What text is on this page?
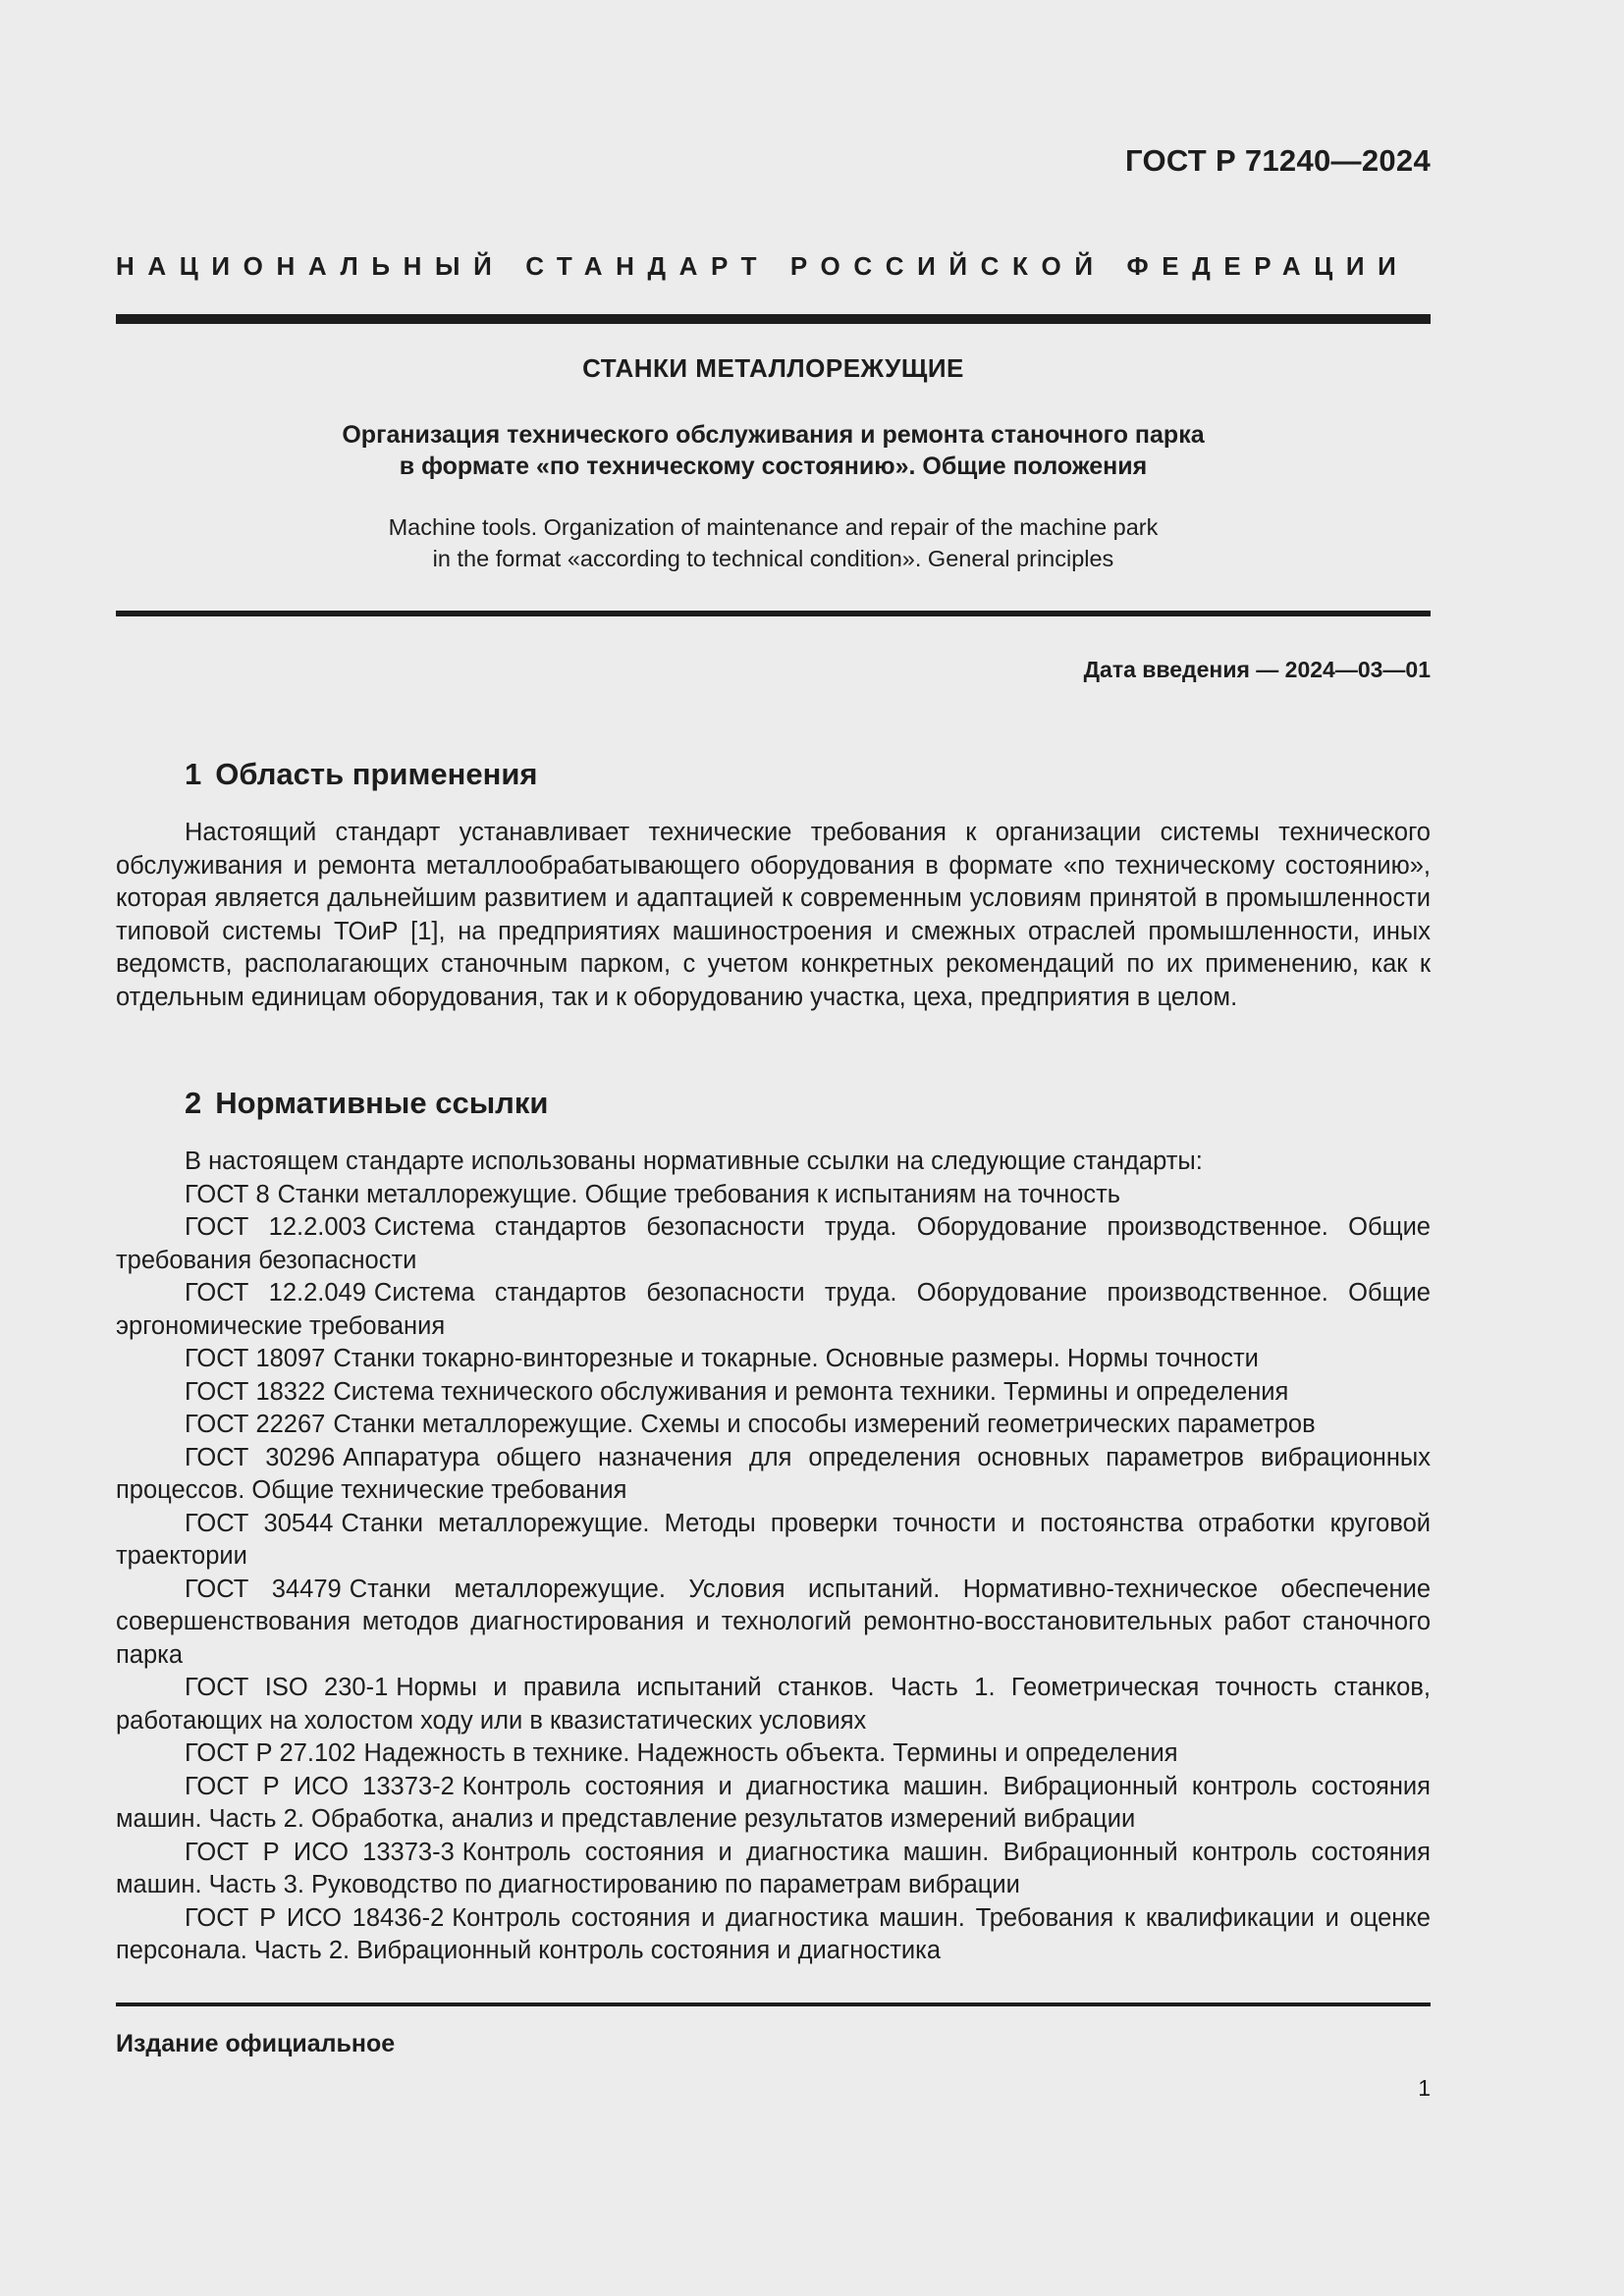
ГОСТ Р 71240—2024
НАЦИОНАЛЬНЫЙ СТАНДАРТ РОССИЙСКОЙ ФЕДЕРАЦИИ
СТАНКИ МЕТАЛЛОРЕЖУЩИЕ
Организация технического обслуживания и ремонта станочного парка
в формате «по техническому состоянию». Общие положения
Machine tools. Organization of maintenance and repair of the machine park
in the format «according to technical condition». General principles
Дата введения — 2024—03—01
1 Область применения

Настоящий стандарт устанавливает технические требования к организации системы технического обслуживания и ремонта металлообрабатывающего оборудования в формате «по техническому состоянию», которая является дальнейшим развитием и адаптацией к современным условиям принятой в промышленности типовой системы ТОиР [1], на предприятиях машиностроения и смежных отраслей промышленности, иных ведомств, располагающих станочным парком, с учетом конкретных рекомендаций по их применению, как к отдельным единицам оборудования, так и к оборудованию участка, цеха, предприятия в целом.

2 Нормативные ссылки

В настоящем стандарте использованы нормативные ссылки на следующие стандарты:

ГОСТ 8 Станки металлорежущие. Общие требования к испытаниям на точность

ГОСТ 12.2.003 Система стандартов безопасности труда. Оборудование производственное. Общие требования безопасности

ГОСТ 12.2.049 Система стандартов безопасности труда. Оборудование производственное. Общие эргономические требования

ГОСТ 18097 Станки токарно-винторезные и токарные. Основные размеры. Нормы точности

ГОСТ 18322 Система технического обслуживания и ремонта техники. Термины и определения

ГОСТ 22267 Станки металлорежущие. Схемы и способы измерений геометрических параметров

ГОСТ 30296 Аппаратура общего назначения для определения основных параметров вибрационных процессов. Общие технические требования

ГОСТ 30544 Станки металлорежущие. Методы проверки точности и постоянства отработки круговой траектории

ГОСТ 34479 Станки металлорежущие. Условия испытаний. Нормативно-техническое обеспечение совершенствования методов диагностирования и технологий ремонтно-восстановительных работ станочного парка

ГОСТ ISO 230-1 Нормы и правила испытаний станков. Часть 1. Геометрическая точность станков, работающих на холостом ходу или в квазистатических условиях

ГОСТ Р 27.102 Надежность в технике. Надежность объекта. Термины и определения

ГОСТ Р ИСО 13373-2 Контроль состояния и диагностика машин. Вибрационный контроль состояния машин. Часть 2. Обработка, анализ и представление результатов измерений вибрации

ГОСТ Р ИСО 13373-3 Контроль состояния и диагностика машин. Вибрационный контроль состояния машин. Часть 3. Руководство по диагностированию по параметрам вибрации

ГОСТ Р ИСО 18436-2 Контроль состояния и диагностика машин. Требования к квалификации и оценке персонала. Часть 2. Вибрационный контроль состояния и диагностика

Издание официальное
1
